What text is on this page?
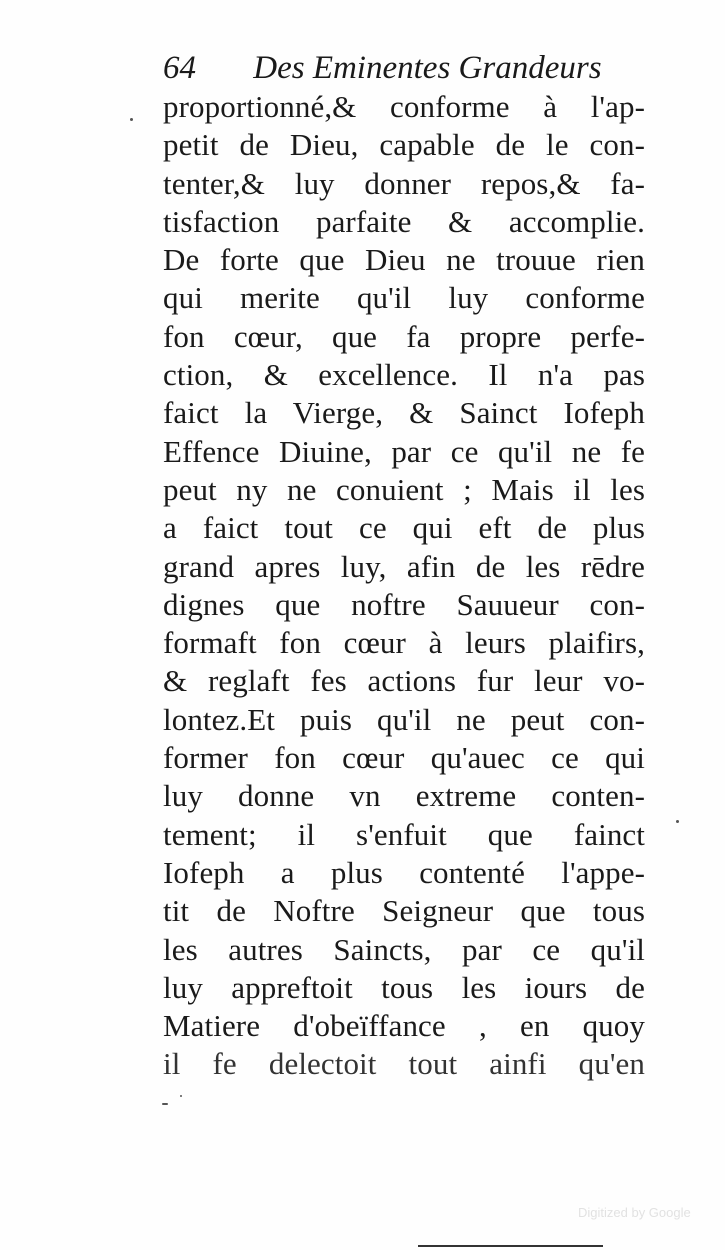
64 Des Eminentes Grandeurs
proportionné,& conforme à l'ap-
petit de Dieu, capable de le con-
tenter,& luy donner repos,& fa-
tisfaction parfaite & accomplie.
De forte que Dieu ne trouue rien
qui merite qu'il luy conforme
fon cœur, que fa propre perfe-
ction, & excellence. Il n'a pas
faict la Vierge, & Sainct Iofeph
Effence Diuine, par ce qu'il ne fe
peut ny ne conuient ; Mais il les
a faict tout ce qui eft de plus
grand apres luy, afin de les rēdre
dignes que noftre Sauueur con-
formaft fon cœur à leurs plaifirs,
& reglaft fes actions fur leur vo-
lontez.Et puis qu'il ne peut con-
former fon cœur qu'auec ce qui
luy donne vn extreme conten-
tement; il s'enfuit que fainct
Iofeph a plus contenté l'appe-
tit de Noftre Seigneur que tous
les autres Saincts, par ce qu'il
luy appreftoit tous les iours de
Matiere d'obeïffance , en quoy
il fe delectoit tout ainfi qu'en
Digitized by Google
